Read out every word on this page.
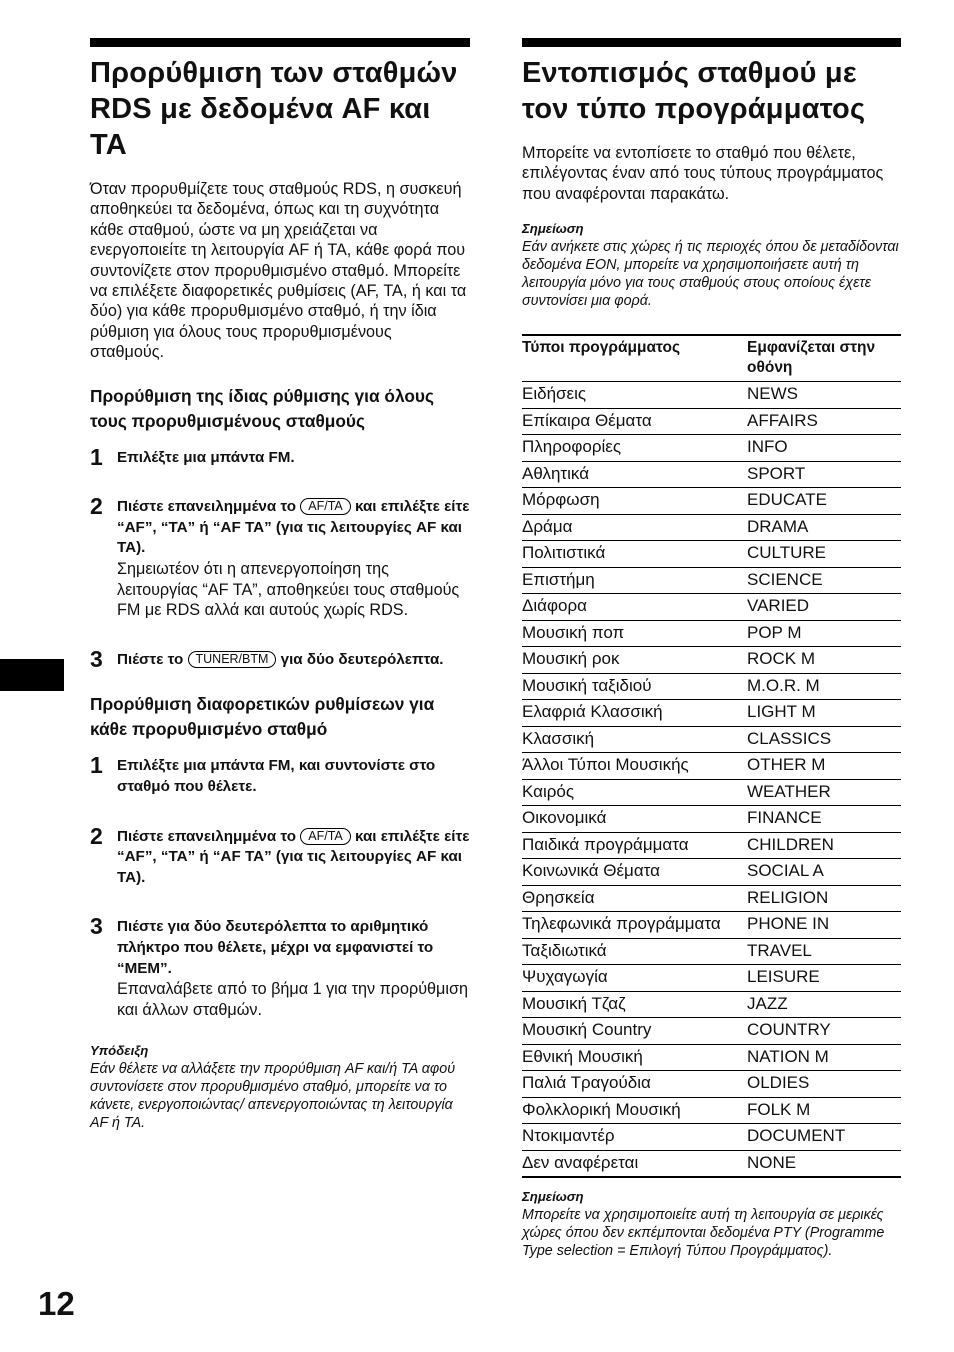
Προρύθμιση των σταθμών RDS με δεδομένα AF και TA

Όταν προρυθμίζετε τους σταθμούς RDS, η συσκευή αποθηκεύει τα δεδομένα, όπως και τη συχνότητα κάθε σταθμού, ώστε να μη χρειάζεται να ενεργοποιείτε τη λειτουργία AF ή TA, κάθε φορά που συντονίζετε στον προρυθμισμένο σταθμό. Μπορείτε να επιλέξετε διαφορετικές ρυθμίσεις (AF, TA, ή και τα δύο) για κάθε προρυθμισμένο σταθμό, ή την ίδια ρύθμιση για όλους τους προρυθμισμένους σταθμούς.

Προρύθμιση της ίδιας ρύθμισης για όλους τους προρυθμισμένους σταθμούς
1 Επιλέξτε μια μπάντα FM.
2 Πιέστε επανειλημμένα το AF/TA και επιλέξτε είτε “AF”, “TA” ή “AF TA” (για τις λειτουργίες AF και TA).
Σημειωτέον ότι η απενεργοποίηση της λειτουργίας “AF TA”, αποθηκεύει τους σταθμούς FM με RDS αλλά και αυτούς χωρίς RDS.
3 Πιέστε το TUNER/BTM για δύο δευτερόλεπτα.
Προρύθμιση διαφορετικών ρυθμίσεων για κάθε προρυθμισμένο σταθμό
1 Επιλέξτε μια μπάντα FM, και συντονίστε στο σταθμό που θέλετε.
2 Πιέστε επανειλημμένα το AF/TA και επιλέξτε είτε “AF”, “TA” ή “AF TA” (για τις λειτουργίες AF και TA).
3 Πιέστε για δύο δευτερόλεπτα το αριθμητικό πλήκτρο που θέλετε, μέχρι να εμφανιστεί το “MEM”.
Επαναλάβετε από το βήμα 1 για την προρύθμιση και άλλων σταθμών.
Υπόδειξη
Εάν θέλετε να αλλάξετε την προρύθμιση AF και/ή TA αφού συντονίσετε στον προρυθμισμένο σταθμό, μπορείτε να το κάνετε, ενεργοποιώντας/ απενεργοποιώντας τη λειτουργία AF ή TA.
Εντοπισμός σταθμού με τον τύπο προγράμματος

Μπορείτε να εντοπίσετε το σταθμό που θέλετε, επιλέγοντας έναν από τους τύπους προγράμματος που αναφέρονται παρακάτω.

Σημείωση
Εάν ανήκετε στις χώρες ή τις περιοχές όπου δε μεταδίδονται δεδομένα EON, μπορείτε να χρησιμοποιήσετε αυτή τη λειτουργία μόνο για τους σταθμούς στους οποίους έχετε συντονίσει μια φορά.
Τύποι προγράμματος	Εμφανίζεται στην οθόνη
Ειδήσεις	NEWS
Επίκαιρα Θέματα	AFFAIRS
Πληροφορίες	INFO
Αθλητικά	SPORT
Μόρφωση	EDUCATE
Δράμα	DRAMA
Πολιτιστικά	CULTURE
Επιστήμη	SCIENCE
Διάφορα	VARIED
Μουσική ποπ	POP M
Μουσική ροκ	ROCK M
Μουσική ταξιδιού	M.O.R. M
Ελαφριά Κλασσική	LIGHT M
Κλασσική	CLASSICS
Άλλοι Τύποι Μουσικής	OTHER M
Καιρός	WEATHER
Οικονομικά	FINANCE
Παιδικά προγράμματα	CHILDREN
Κοινωνικά Θέματα	SOCIAL A
Θρησκεία	RELIGION
Τηλεφωνικά προγράμματα	PHONE IN
Ταξιδιωτικά	TRAVEL
Ψυχαγωγία	LEISURE
Μουσική Τζαζ	JAZZ
Μουσική Country	COUNTRY
Εθνική Μουσική	NATION M
Παλιά Τραγούδια	OLDIES
Φολκλορική Μουσική	FOLK M
Ντοκιμαντέρ	DOCUMENT
Δεν αναφέρεται	NONE
Σημείωση
Μπορείτε να χρησιμοποιείτε αυτή τη λειτουργία σε μερικές χώρες όπου δεν εκπέμπονται δεδομένα PTY (Programme Type selection = Επιλογή Τύπου Προγράμματος).
12
